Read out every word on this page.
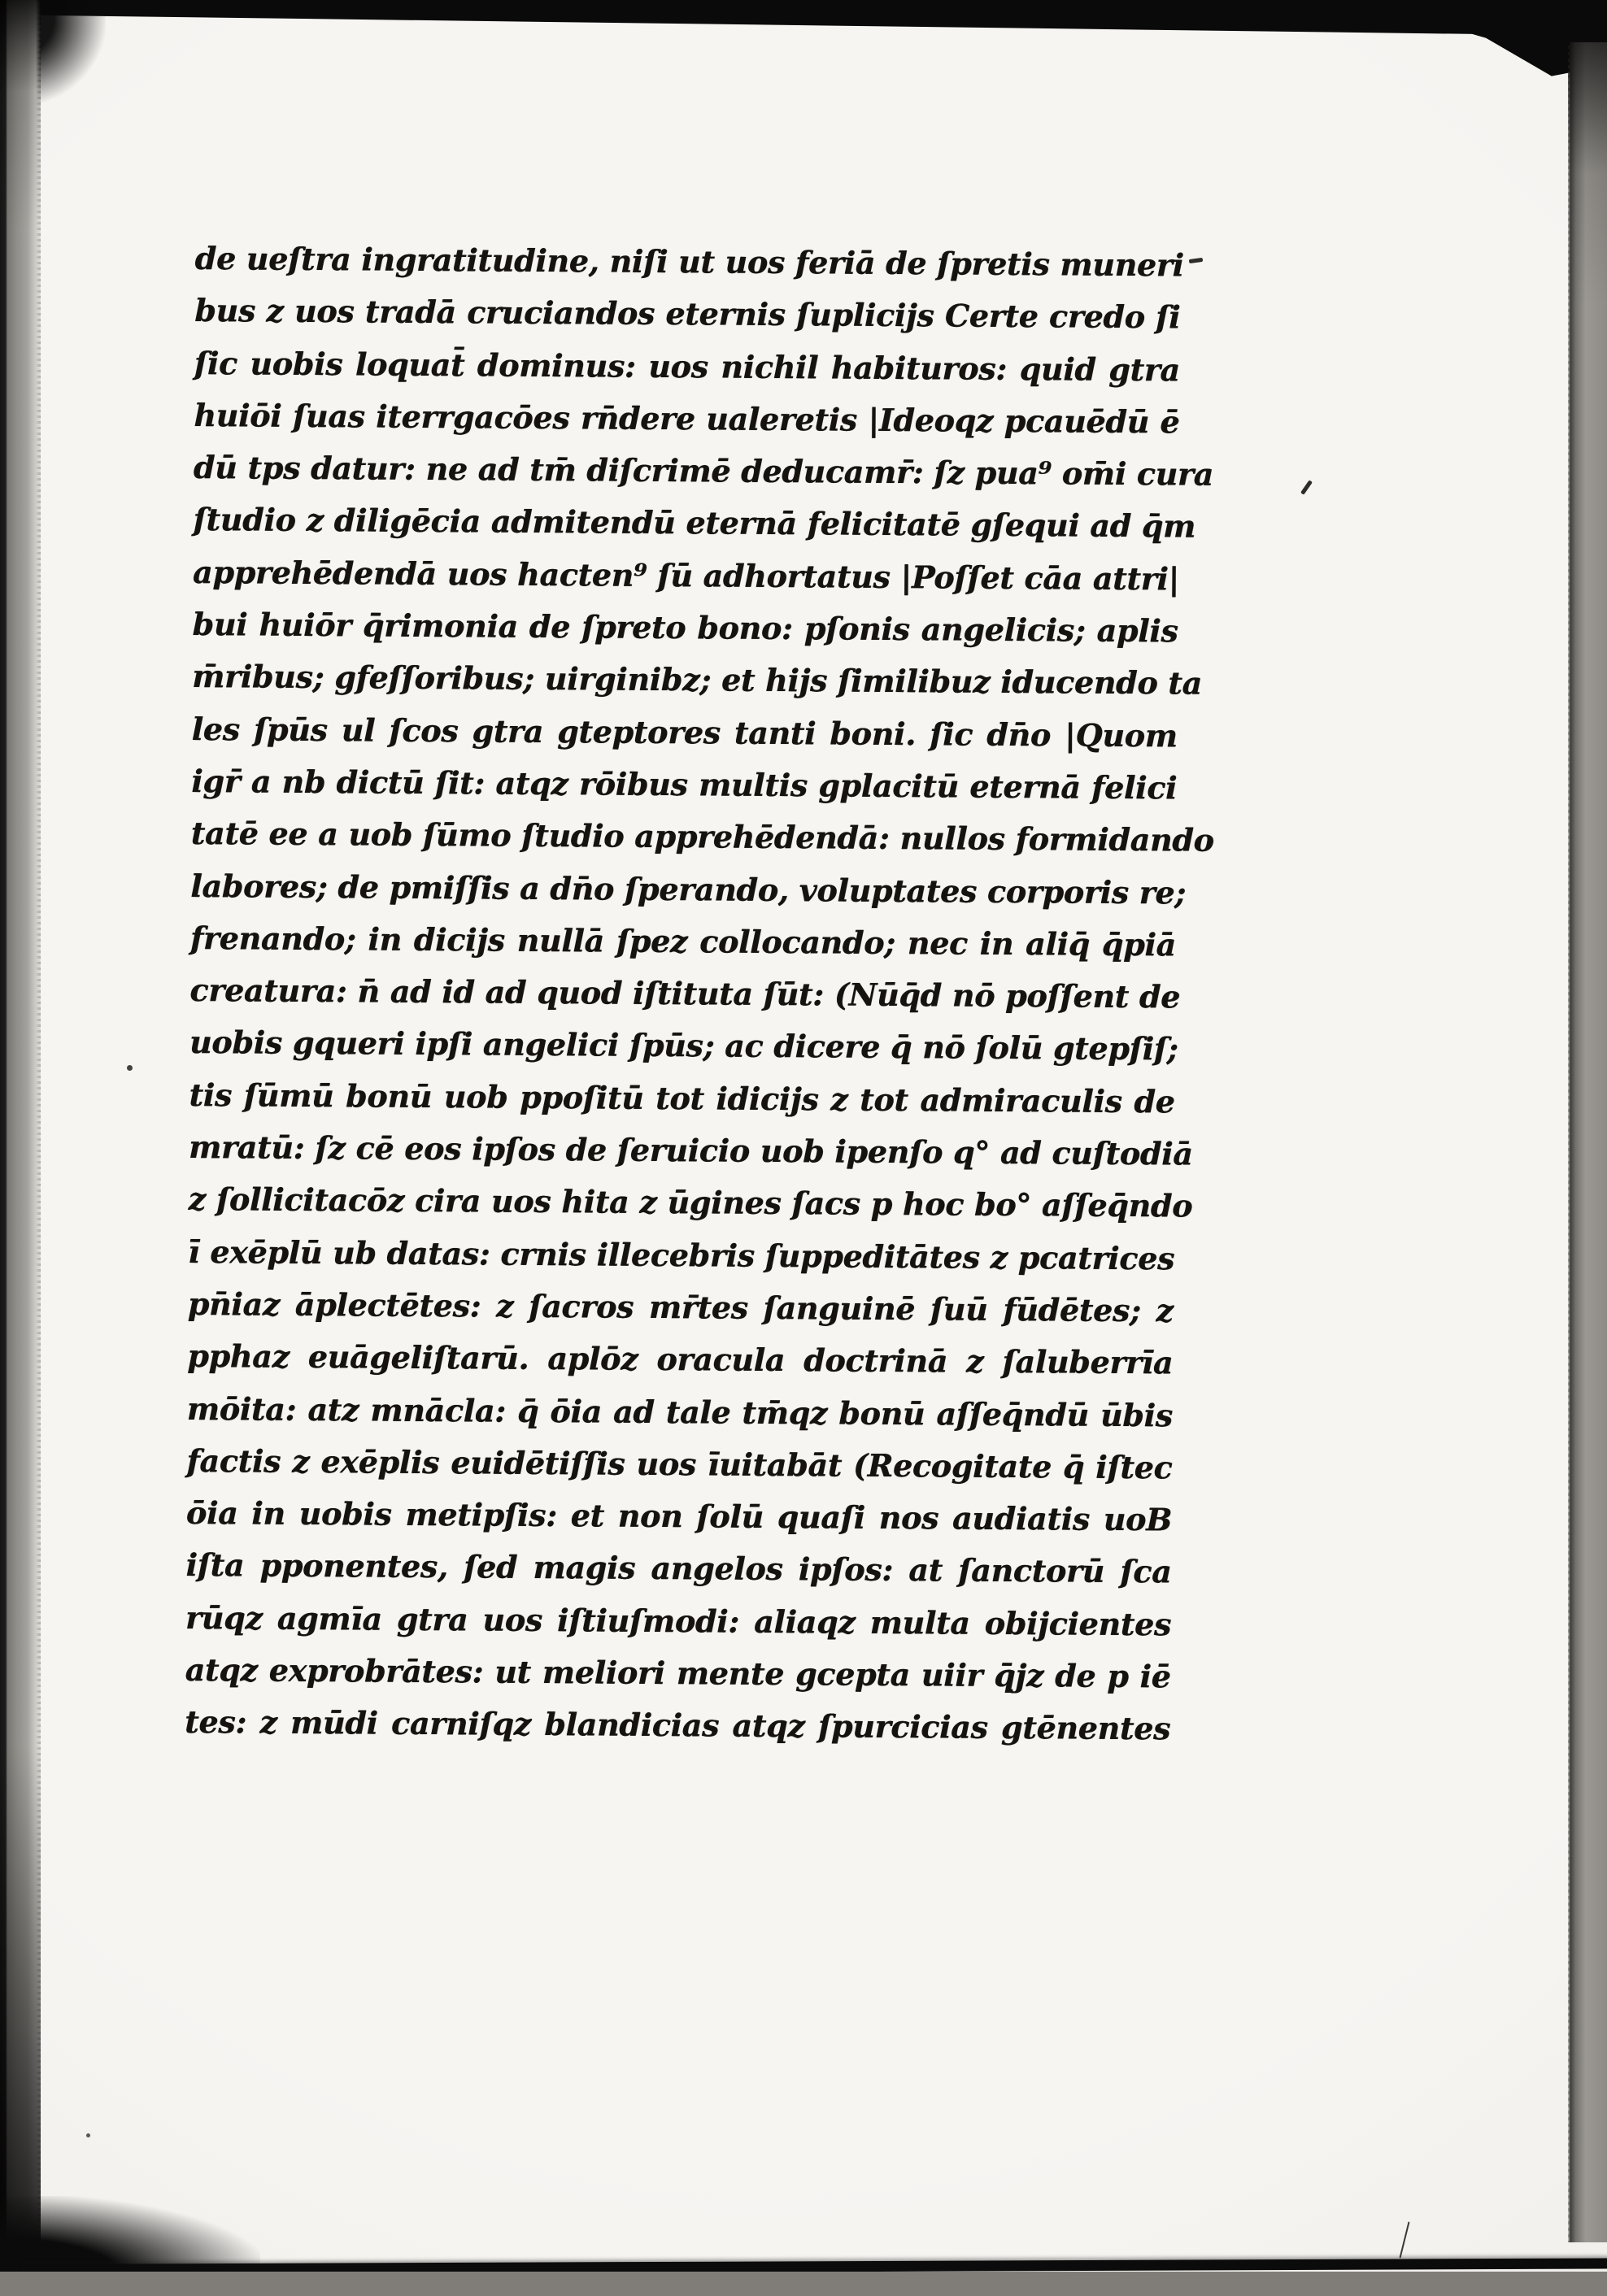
de ueſtra ingratitudine, niſi ut uos feriā de ſpretis muneri
bus z uos tradā cruciandos eternis ſuplicijs Certe credo ſi
ſic uobis loquat̄ dominus: uos nichil habituros: quid gtra
huiōi ſuas iterrgacōes rn̄dere ualeretis |Ideoqz pcauēdū ē
dū tps datur: ne ad tm̄ diſcrimē deducamr̄: ſz pua⁹ om̄i cura
ſtudio z diligēcia admitendū eternā felicitatē gſequi ad q̄m
apprehēdendā uos hacten⁹ ſū adhortatus |Poſſet cāa attri|
bui huiōr q̄rimonia de ſpreto bono: pſonis angelicis; aplis
m̄ribus; gfeſſoribus; uirginibz; et hijs ſimilibuz iducendo ta
les ſpūs ul ſcos gtra gteptores tanti boni. ſic dn̄o |Quom
igr̄ a nb dictū ſit: atqz rōibus multis gplacitū eternā felici
tatē ee a uob ſūmo ſtudio apprehēdendā: nullos formidando
labores; de pmiſſis a dn̄o ſperando, voluptates corporis re;
frenando; in dicijs nullā ſpez collocando; nec in aliq̄ q̄piā
creatura: n̄ ad id ad quod iſtituta ſūt: (Nūq̄d nō poſſent de
uobis gqueri ipſi angelici ſpūs; ac dicere q̄ nō ſolū gtepſiſ;
tis ſūmū bonū uob ppoſitū tot idicijs z tot admiraculis de
mratū: ſz cē eos ipſos de ſeruicio uob ipenſo q° ad cuſtodiā
z ſollicitacōz cira uos hita z ūgines ſacs p hoc bo° aſſeq̄ndo
ī exēplū ub datas: crnis illecebris ſuppeditātes z pcatrices
pn̄iaz āplectētes: z ſacros mr̄tes ſanguinē ſuū fūdētes; z
pphaz euāgeliſtarū. aplōz oracula doctrinā z ſaluberrīa
mōita: atz mnācla: q̄ ōia ad tale tm̄qz bonū aſſeq̄ndū ūbis
factis z exēplis euidētiſſis uos īuitabāt (Recogitate q̄ iſtec
ōia in uobis metipſis: et non ſolū quaſi nos audiatis uoB
iſta pponentes, ſed magis angelos ipſos: at ſanctorū ſca
rūqz agmīa gtra uos iſtiuſmodi: aliaqz multa obijcientes
atqz exprobrātes: ut meliori mente gcepta uiir q̄jz de p iē
tes: z mūdi carniſqz blandicias atqz ſpurcicias gtēnentes
